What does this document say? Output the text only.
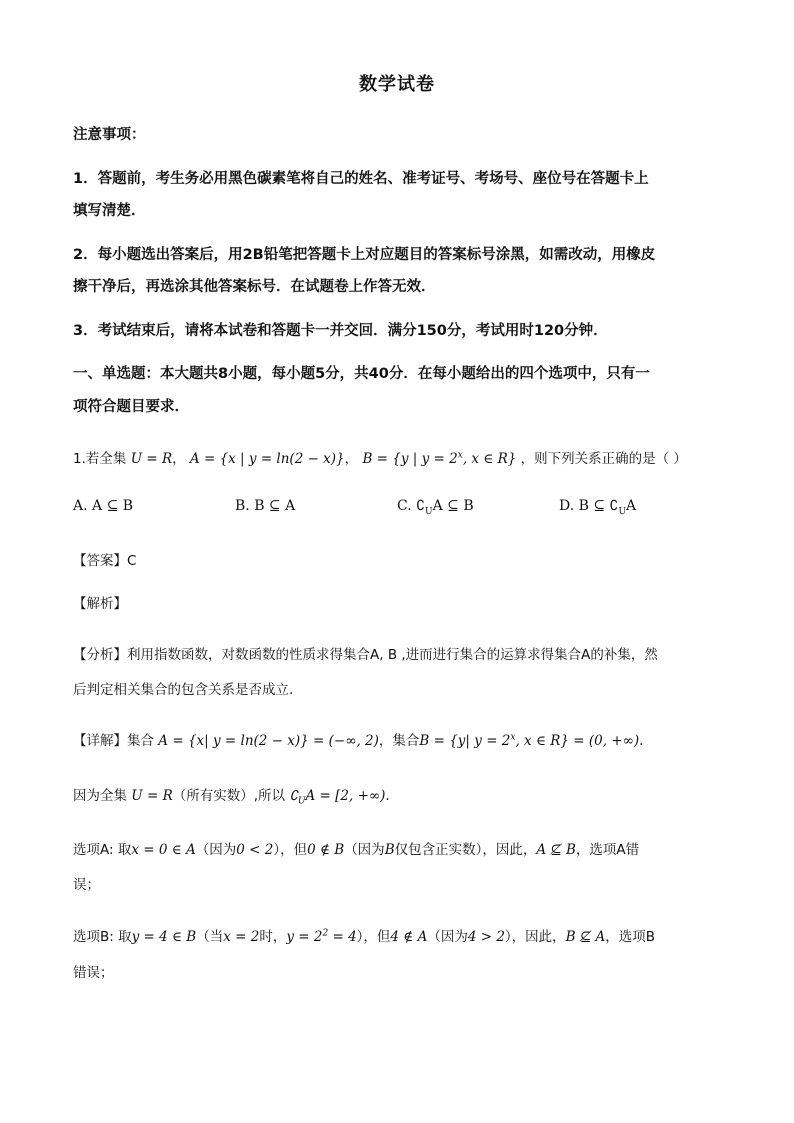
数学试卷
注意事项：
1．答题前，考生务必用黑色碳素笔将自己的姓名、准考证号、考场号、座位号在答题卡上
填写清楚．
2．每小题选出答案后，用2B铅笔把答题卡上对应题目的答案标号涂黑，如需改动，用橡皮
擦干净后，再选涂其他答案标号．在试题卷上作答无效．
3．考试结束后，请将本试卷和答题卡一并交回．满分150分，考试用时120分钟．
一、单选题：本大题共8小题，每小题5分，共40分．在每小题给出的四个选项中，只有一
项符合题目要求．
1.若全集 U = R， A = {x | y = ln(2 − x)}， B = {y | $y = 2^x$, x ∈ R} ，则下列关系正确的是（ ）
A. A ⊆ B	B. B ⊆ A	C. $∁_UA$ ⊆ B	D. B ⊆ $∁_UA$
【答案】C
【解析】
【分析】利用指数函数，对数函数的性质求得集合A, B ,进而进行集合的运算求得集合A的补集，然
后判定相关集合的包含关系是否成立.
【详解】集合 A = {x| y = ln(2 − x)} = (−∞, 2)，集合B = {y| $y = 2^x$, x ∈ R} = (0, +∞).
因为全集 U = R（所有实数）,所以 $∁_UA = [2$, +∞).
选项A: 取x = 0 ∈ A（因为0 < 2），但0 ∉ B（因为B仅包含正实数），因此，A ⊈ B，选项A错
误；
选项B: 取y = 4 ∈ B（当x = 2时，$y = 2^2 = 4$），但4 ∉ A（因为4 > 2），因此，B ⊈ A，选项B
错误；
